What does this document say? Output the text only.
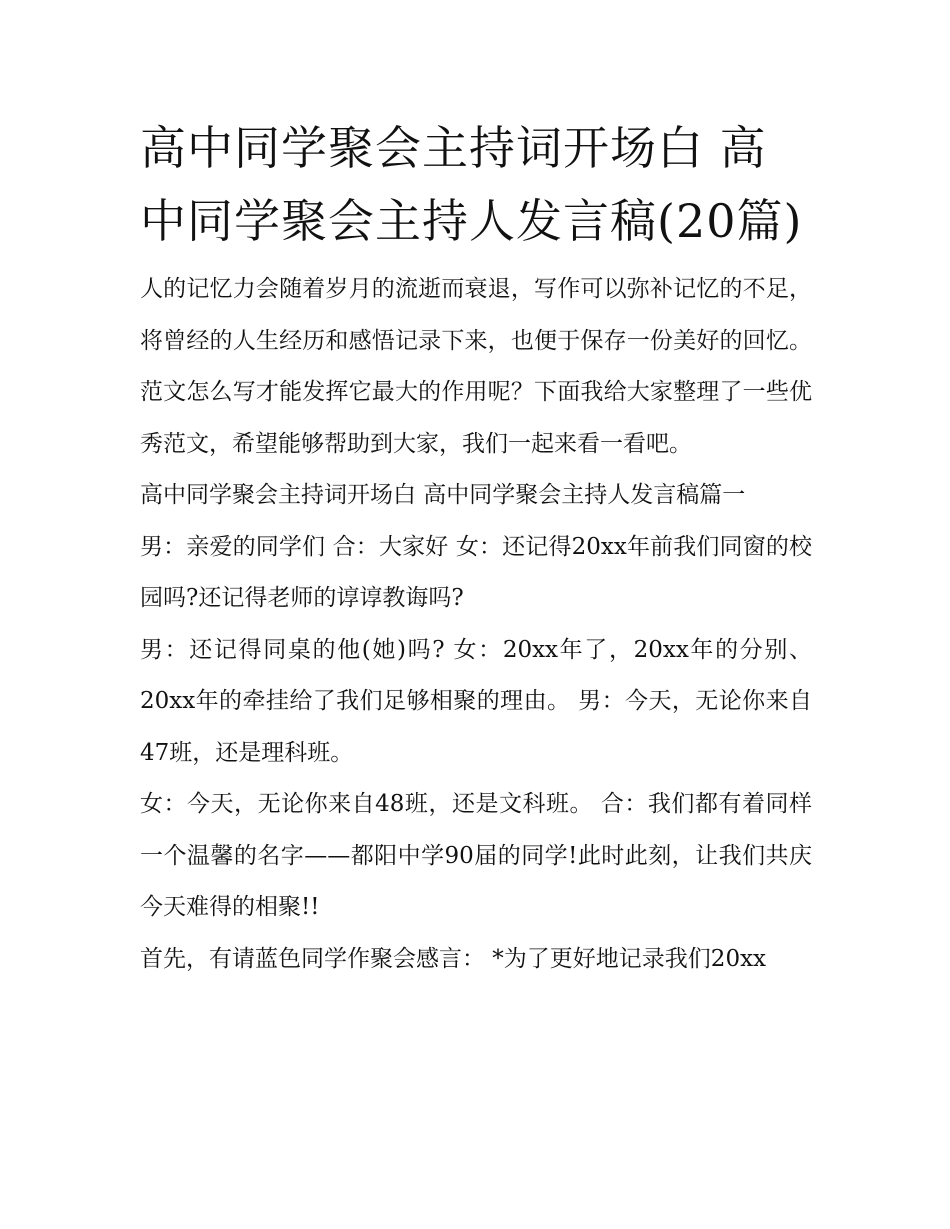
高中同学聚会主持词开场白 高中同学聚会主持人发言稿(20篇)

人的记忆力会随着岁月的流逝而衰退，写作可以弥补记忆的不足，将曾经的人生经历和感悟记录下来，也便于保存一份美好的回忆。范文怎么写才能发挥它最大的作用呢？下面我给大家整理了一些优秀范文，希望能够帮助到大家，我们一起来看一看吧。

高中同学聚会主持词开场白 高中同学聚会主持人发言稿篇一

男：亲爱的同学们 合：大家好 女：还记得20xx年前我们同窗的校园吗?还记得老师的谆谆教诲吗?

男：还记得同桌的他(她)吗? 女：20xx年了，20xx年的分别、20xx年的牵挂给了我们足够相聚的理由。 男：今天，无论你来自47班，还是理科班。

女：今天，无论你来自48班，还是文科班。 合：我们都有着同样一个温馨的名字——都阳中学90届的同学!此时此刻，让我们共庆今天难得的相聚!!

首先，有请蓝色同学作聚会感言： *为了更好地记录我们20xx
